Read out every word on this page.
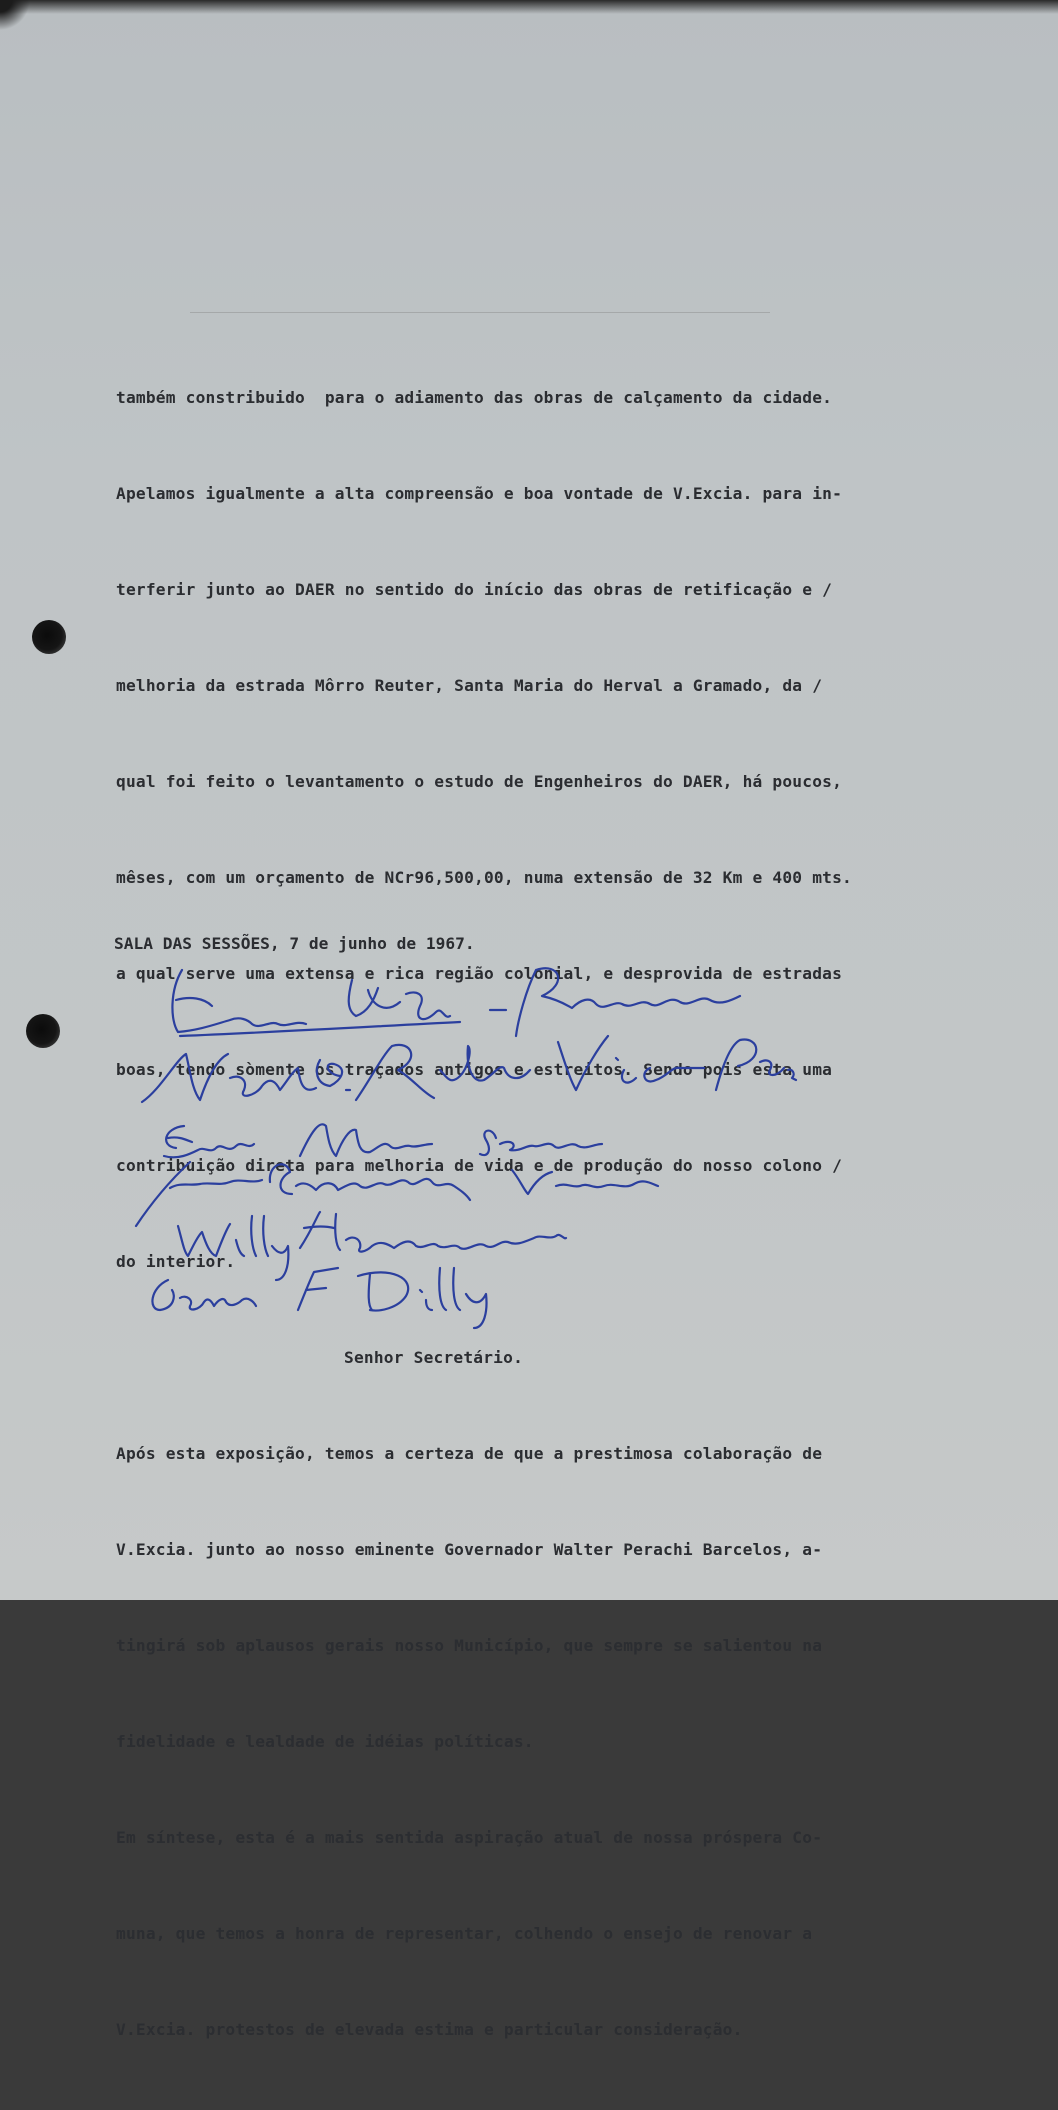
também constribuido  para o adiamento das obras de calçamento da cidade.

Apelamos igualmente a alta compreensão e boa vontade de V.Excia. para in-

terferir junto ao DAER no sentido do início das obras de retificação e /

melhoria da estrada Môrro Reuter, Santa Maria do Herval a Gramado, da /

qual foi feito o levantamento o estudo de Engenheiros do DAER, há poucos,

mêses, com um orçamento de NCr96,500,00, numa extensão de 32 Km e 400 mts.

a qual serve uma extensa e rica região colonial, e desprovida de estradas

boas, tendo sòmente os traçados antigos e estreitos. Sendo pois esta uma

contribuição direta para melhoria de vida e de produção do nosso colono /

do interior.

Senhor Secretário.

Após esta exposição, temos a certeza de que a prestimosa colaboração de

V.Excia. junto ao nosso eminente Governador Walter Perachi Barcelos, a-

tingirá sob aplausos gerais nosso Município, que sempre se salientou na

fidelidade e lealdade de idéias políticas.

Em síntese, esta é a mais sentida aspiração atual de nossa próspera Co-

muna, que temos a honra de representar, colhendo o ensejo de renovar a

V.Excia. protestos de elevada estima e particular consideração.

SALA DAS SESSÕES, 7 de junho de 1967.
